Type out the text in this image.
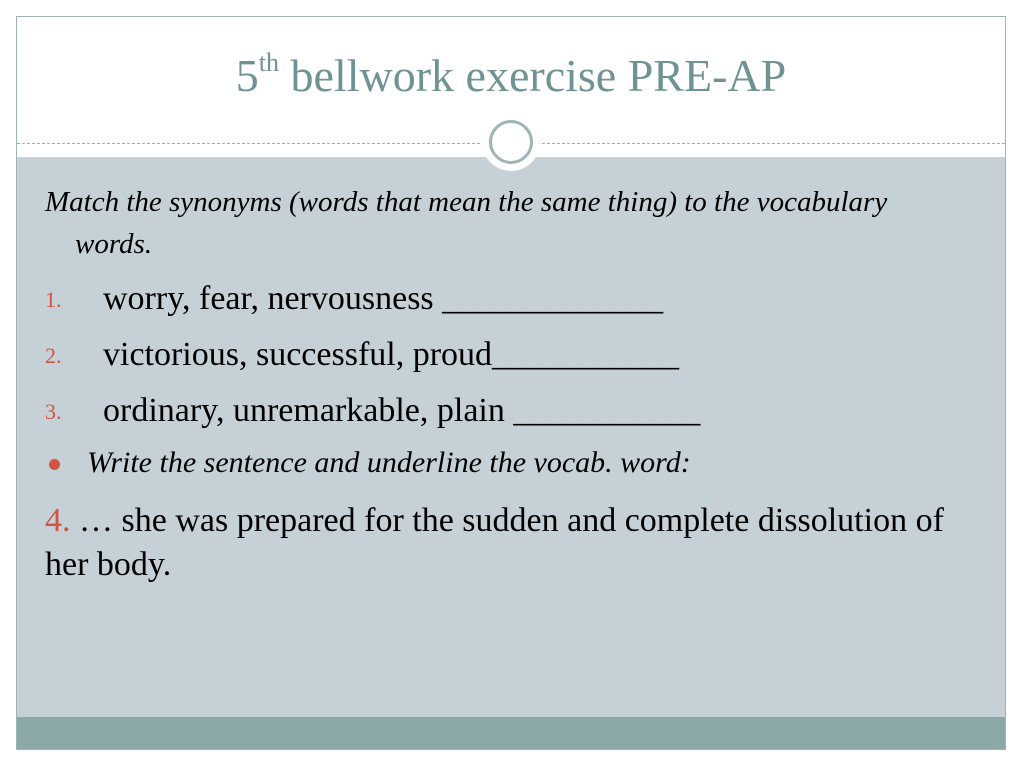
5th bellwork exercise PRE-AP

Match the synonyms (words that mean the same thing) to the vocabulary words.

1. worry, fear, nervousness _____________
2. victorious, successful, proud___________
3. ordinary, unremarkable, plain ___________
Write the sentence and underline the vocab. word:
4. … she was prepared for the sudden and complete dissolution of her body.
